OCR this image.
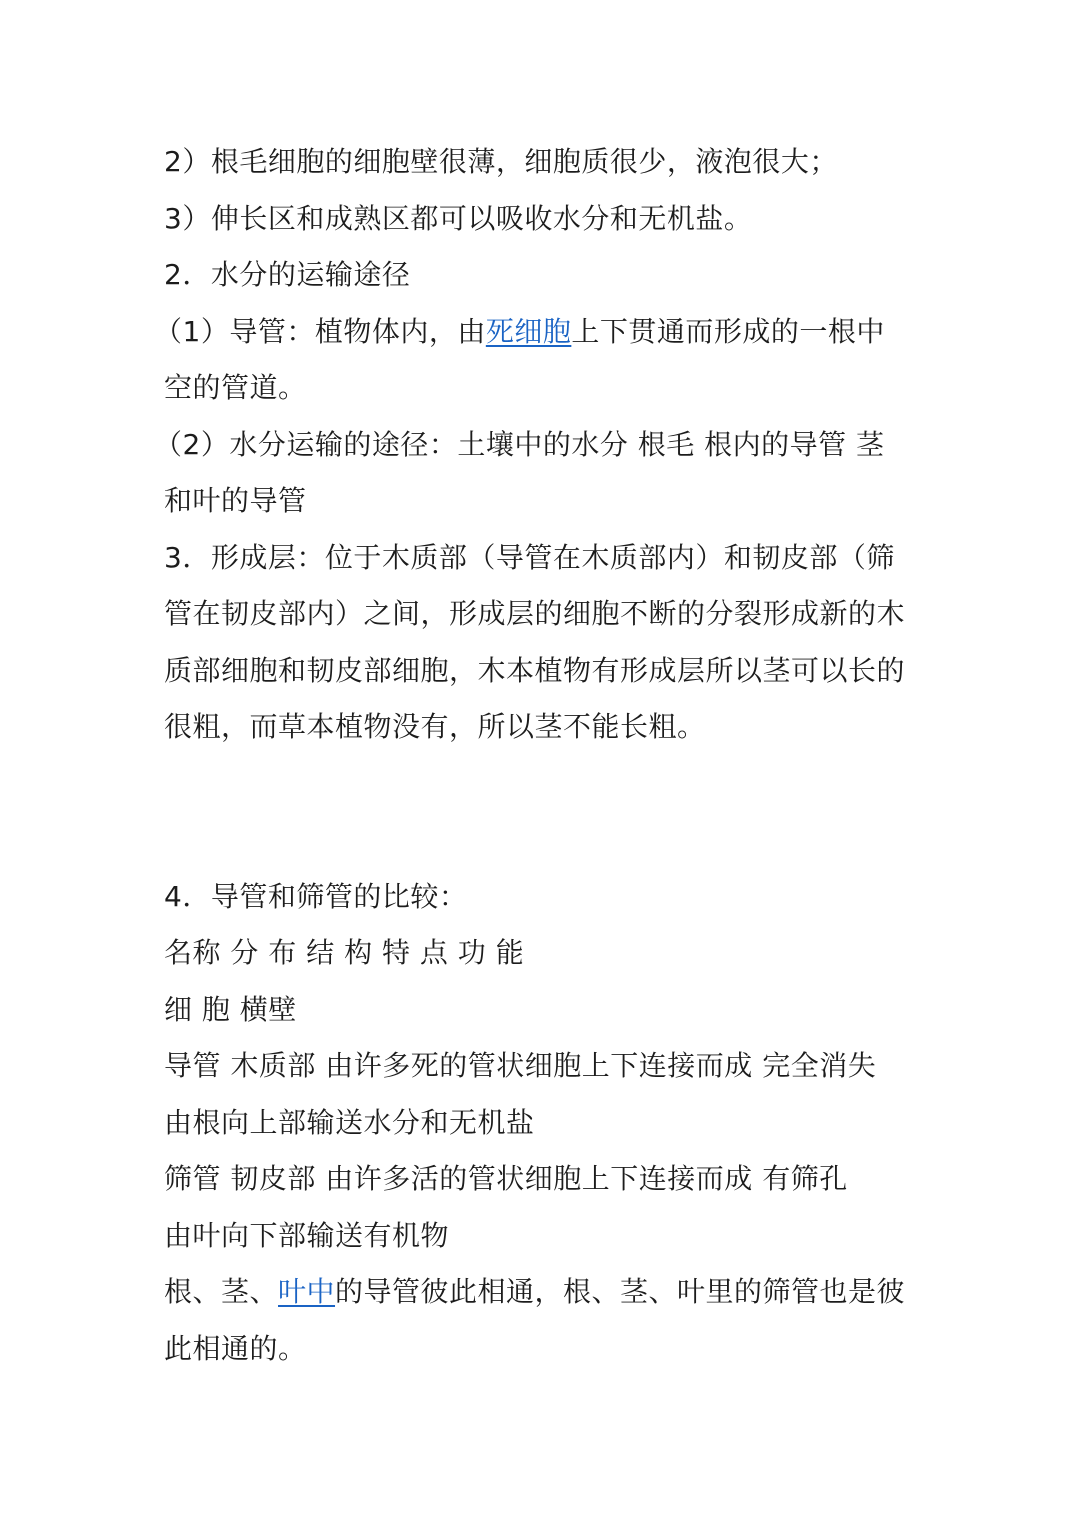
2）根毛细胞的细胞壁很薄，细胞质很少，液泡很大；

3）伸长区和成熟区都可以吸收水分和无机盐。

2．水分的运输途径

（1）导管：植物体内，由死细胞上下贯通而形成的一根中

空的管道。

（2）水分运输的途径：土壤中的水分 根毛 根内的导管 茎

和叶的导管

3．形成层：位于木质部（导管在木质部内）和韧皮部（筛

管在韧皮部内）之间，形成层的细胞不断的分裂形成新的木

质部细胞和韧皮部细胞，木本植物有形成层所以茎可以长的

很粗，而草本植物没有，所以茎不能长粗。

4．导管和筛管的比较：

名称 分 布 结 构 特 点 功 能

细 胞 横壁

导管 木质部 由许多死的管状细胞上下连接而成 完全消失

由根向上部输送水分和无机盐

筛管 韧皮部 由许多活的管状细胞上下连接而成 有筛孔

由叶向下部输送有机物

根、茎、叶中的导管彼此相通，根、茎、叶里的筛管也是彼

此相通的。
